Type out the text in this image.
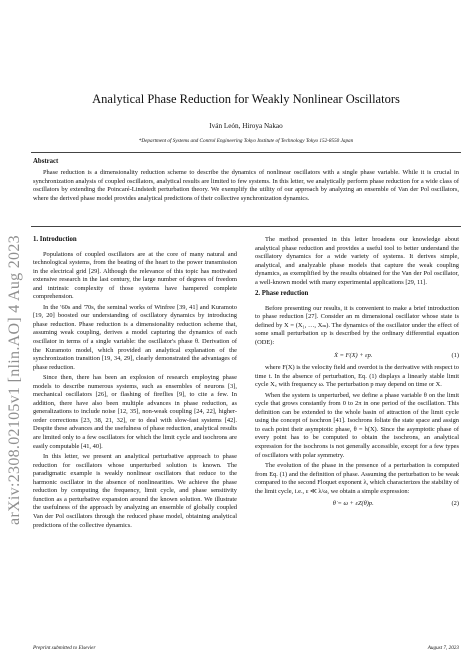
arXiv:2308.02105v1 [nlin.AO] 4 Aug 2023
Analytical Phase Reduction for Weakly Nonlinear Oscillators
Iván León, Hiroya Nakao
*Department of Systems and Control Engineering Tokyo Institute of Technology Tokyo 152-8550 Japan
Abstract

Phase reduction is a dimensionality reduction scheme to describe the dynamics of nonlinear oscillators with a single phase variable. While it is crucial in synchronization analysis of coupled oscillators, analytical results are limited to few systems. In this letter, we analytically perform phase reduction for a wide class of oscillators by extending the Poincaré-Lindstedt perturbation theory. We exemplify the utility of our approach by analyzing an ensemble of Van der Pol oscillators, where the derived phase model provides analytical predictions of their collective synchronization dynamics.

1. Introduction

Populations of coupled oscillators are at the core of many natural and technological systems, from the beating of the heart to the power transmission in the electrical grid [29]. Although the relevance of this topic has motivated extensive research in the last century, the large number of degrees of freedom and intrinsic complexity of those systems have hampered complete comprehension.

In the '60s and '70s, the seminal works of Winfree [39, 41] and Kuramoto [19, 20] boosted our understanding of oscillatory dynamics by introducing phase reduction. Phase reduction is a dimensionality reduction scheme that, assuming weak coupling, derives a model capturing the dynamics of each oscillator in terms of a single variable: the oscillator's phase θ. Derivation of the Kuramoto model, which provided an analytical explanation of the synchronization transition [19, 34, 29], clearly demonstrated the advantages of phase reduction.

Since then, there has been an explosion of research employing phase models to describe numerous systems, such as ensembles of neurons [3], mechanical oscillators [26], or flashing of fireflies [9], to cite a few. In addition, there have also been multiple advances in phase reduction, as generalizations to include noise [12, 35], non-weak coupling [24, 22], higher-order corrections [23, 38, 21, 32], or to deal with slow-fast systems [42]. Despite these advances and the usefulness of phase reduction, analytical results are limited only to a few oscillators for which the limit cycle and isochrons are easily computable [41, 40].

In this letter, we present an analytical perturbative approach to phase reduction for oscillators whose unperturbed solution is known. The paradigmatic example is weakly nonlinear oscillators that reduce to the harmonic oscillator in the absence of nonlinearities. We achieve the phase reduction by computing the frequency, limit cycle, and phase sensitivity function as a perturbative expansion around the known solution. We illustrate the usefulness of the approach by analyzing an ensemble of globally coupled Van der Pol oscillators through the reduced phase model, obtaining analytical predictions of the collective dynamics.

The method presented in this letter broadens our knowledge about analytical phase reduction and provides a useful tool to better understand the oscillatory dynamics for a wide variety of systems. It derives simple, analytical, and analyzable phase models that capture the weak coupling dynamics, as exemplified by the results obtained for the Van der Pol oscillator, a well-known model with many experimental applications [29, 11].

2. Phase reduction

Before presenting our results, it is convenient to make a brief introduction to phase reduction [27]. Consider an m dimensional oscillator whose state is defined by X = (X₁, …, Xₘ). The dynamics of the oscillator under the effect of some small perturbation εp is described by the ordinary differential equation (ODE):

Ẋ = F(X) + εp.	(1)

where F(X) is the velocity field and overdot is the derivative with respect to time t. In the absence of perturbation, Eq. (1) displays a linearly stable limit cycle X꜀ with frequency ω. The perturbation p may depend on time or X.

When the system is unperturbed, we define a phase variable θ on the limit cycle that grows constantly from 0 to 2π in one period of the oscillation. This definition can be extended to the whole basin of attraction of the limit cycle using the concept of isochron [41]. Isochrons foliate the state space and assign to each point their asymptotic phase, θ = h(X). Since the asymptotic phase of every point has to be computed to obtain the isochrons, an analytical expression for the isochrons is not generally accessible, except for a few types of oscillators with polar symmetry.

The evolution of the phase in the presence of a perturbation is computed from Eq. (1) and the definition of phase. Assuming the perturbation to be weak compared to the second Floquet exponent λ, which characterizes the stability of the limit cycle, i.e., ε ≪ λ/ω, we obtain a simple expression:

θ̇ = ω + εZ(θ)p.	(2)
Preprint submitted to Elsevier	August 7, 2023
